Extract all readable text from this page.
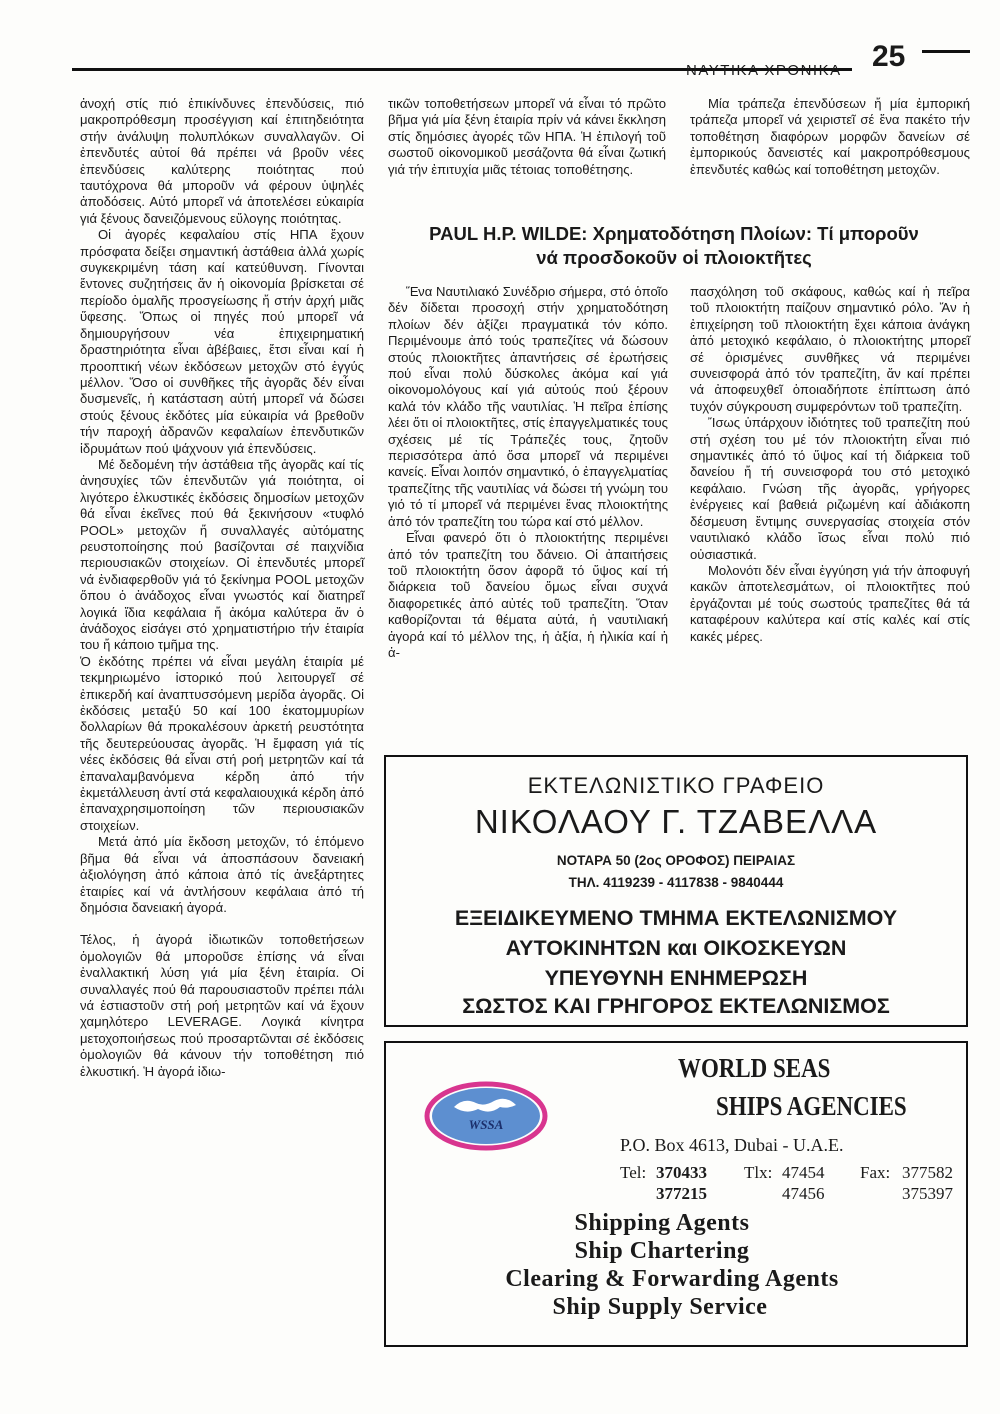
ΝΑΥΤΙΚΑ ΧΡΟΝΙΚΑ 25

ἀνοχή στίς πιό ἐπικίνδυνες ἐπενδύσεις, πιό μακροπρόθεσμη προσέγγιση καί ἐπιτηδειότητα στήν ἀνάλυψη πολυπλόκων συναλλαγῶν. Οἱ ἐπενδυτές αὐτοί θά πρέπει νά βροῦν νέες ἐπενδύσεις καλύτερης ποιότητας πού ταυτόχρονα θά μποροῦν νά φέρουν ὑψηλές ἀποδόσεις. Αὐτό μπορεῖ νά ἀποτελέσει εὐκαιρία γιά ξένους δανειζόμενους εὔλογης ποιότητας.

Οἱ ἀγορές κεφαλαίου στίς ΗΠΑ ἔχουν πρόσφατα δείξει σημαντική ἀστάθεια ἀλλά χωρίς συγκεκριμένη τάση καί κατεύθυνση. Γίνονται ἔντονες συζητήσεις ἄν ἡ οἰκονομία βρίσκεται σέ περίοδο ὁμαλῆς προσγείωσης ἤ στήν ἀρχή μιᾶς ὕφεσης. Ὅπως οἱ πηγές πού μπορεῖ νά δημιουργήσουν νέα ἐπιχειρηματική δραστηριότητα εἶναι ἀβέβαιες, ἔτσι εἶναι καί ἡ προοπτική νέων ἐκδόσεων μετοχῶν στό ἐγγύς μέλλον. Ὅσο οἱ συνθῆκες τῆς ἀγορᾶς δέν εἶναι δυσμενεῖς, ἡ κατάσταση αὐτή μπορεῖ νά δώσει στούς ξένους ἐκδότες μία εὐκαιρία νά βρεθοῦν τήν παροχή ἀδρανῶν κεφαλαίων ἐπενδυτικῶν ἱδρυμάτων πού ψάχνουν γιά ἐπενδύσεις.

Μέ δεδομένη τήν ἀστάθεια τῆς ἀγορᾶς καί τίς ἀνησυχίες τῶν ἐπενδυτῶν γιά ποιότητα, οἱ λιγότερο ἑλκυστικές ἐκδόσεις δημοσίων μετοχῶν θά εἶναι ἐκεῖνες πού θά ξεκινήσουν «τυφλό POOL» μετοχῶν ἤ συναλλαγές αὐτόματης ρευστοποίησης πού βασίζονται σέ παιχνίδια περιουσιακῶν στοιχείων. Οἱ ἐπενδυτές μπορεῖ νά ἐνδιαφερθοῦν γιά τό ξεκίνημα POOL μετοχῶν ὅπου ὁ ἀνάδοχος εἶναι γνωστός καί διατηρεῖ λογικά ἴδια κεφάλαια ἤ ἀκόμα καλύτερα ἄν ὁ ἀνάδοχος εἰσάγει στό χρηματιστήριο τήν ἑταιρία του ἤ κάποιο τμῆμα της.

Ὁ ἐκδότης πρέπει νά εἶναι μεγάλη ἑταιρία μέ τεκμηριωμένο ἱστορικό πού λειτουργεῖ σέ ἐπικερδή καί ἀναπτυσσόμενη μερίδα ἀγορᾶς. Οἱ ἐκδόσεις μεταξύ 50 καί 100 ἑκατομμυρίων δολλαρίων θά προκαλέσουν ἀρκετή ρευστότητα τῆς δευτερεύουσας ἀγορᾶς. Ἡ ἔμφαση γιά τίς νέες ἐκδόσεις θά εἶναι στή ροή μετρητῶν καί τά ἐπαναλαμβανόμενα κέρδη ἀπό τήν ἐκμετάλλευση ἀντί στά κεφαλαιουχικά κέρδη ἀπό ἐπαναχρησιμοποίηση τῶν περιουσιακῶν στοιχείων.

Μετά ἀπό μία ἔκδοση μετοχῶν, τό ἑπόμενο βῆμα θά εἶναι νά ἀποσπάσουν δανειακή ἀξιολόγηση ἀπό κάποια ἀπό τίς ἀνεξάρτητες ἑταιρίες καί νά ἀντλήσουν κεφάλαια ἀπό τή δημόσια δανειακή ἀγορά.

Τέλος, ἡ ἀγορά ἰδιωτικῶν τοποθετήσεων ὁμολογιῶν θά μποροῦσε ἐπίσης νά εἶναι ἐναλλακτική λύση γιά μία ξένη ἑταιρία. Οἱ συναλλαγές πού θά παρουσιαστοῦν πρέπει πάλι νά ἑστιαστοῦν στή ροή μετρητῶν καί νά ἔχουν χαμηλότερο LEVERAGE. Λογικά κίνητρα μετοχοποιήσεως πού προσαρτῶνται σέ ἐκδόσεις ὁμολογιῶν θά κάνουν τήν τοποθέτηση πιό ἑλκυστική. Ἡ ἀγορά ἰδιω-

τικῶν τοποθετήσεων μπορεῖ νά εἶναι τό πρῶτο βῆμα γιά μία ξένη ἑταιρία πρίν νά κάνει ἔκκληση στίς δημόσιες ἀγορές τῶν ΗΠΑ. Ἡ ἐπιλογή τοῦ σωστοῦ οἰκονομικοῦ μεσάζοντα θά εἶναι ζωτική γιά τήν ἐπιτυχία μιᾶς τέτοιας τοποθέτησης.

Μία τράπεζα ἐπενδύσεων ἤ μία ἐμπορική τράπεζα μπορεῖ νά χειριστεῖ σέ ἕνα πακέτο τήν τοποθέτηση διαφόρων μορφῶν δανείων σέ ἐμπορικούς δανειστές καί μακροπρόθεσμους ἐπενδυτές καθώς καί τοποθέτηση μετοχῶν.

PAUL H.P. WILDE: Χρηματοδότηση Πλοίων: Τί μποροῦν
νά προσδοκοῦν οἱ πλοιοκτῆτες

Ἕνα Ναυτιλιακό Συνέδριο σήμερα, στό ὁποῖο δέν δίδεται προσοχή στήν χρηματοδότηση πλοίων δέν ἀξίζει πραγματικά τόν κόπο. Περιμένουμε ἀπό τούς τραπεζίτες νά δώσουν στούς πλοιοκτῆτες ἀπαντήσεις σέ ἐρωτήσεις πού εἶναι πολύ δύσκολες ἀκόμα καί γιά οἰκονομολόγους καί γιά αὐτούς πού ξέρουν καλά τόν κλάδο τῆς ναυτιλίας. Ἡ πεῖρα ἐπίσης λέει ὅτι οἱ πλοιοκτῆτες, στίς ἐπαγγελματικές τους σχέσεις μέ τίς Τράπεζές τους, ζητοῦν περισσότερα ἀπό ὅσα μπορεῖ νά περιμένει κανείς. Εἶναι λοιπόν σημαντικό, ὁ ἐπαγγελματίας τραπεζίτης τῆς ναυτιλίας νά δώσει τή γνώμη του γιό τό τί μπορεῖ νά περιμένει ἕνας πλοιοκτήτης ἀπό τόν τραπεζίτη του τώρα καί στό μέλλον.

Εἶναι φανερό ὅτι ὁ πλοιοκτήτης περιμένει ἀπό τόν τραπεζίτη του δάνειο. Οἱ ἀπαιτήσεις τοῦ πλοιοκτήτη ὅσον ἀφορᾶ τό ὕψος καί τή διάρκεια τοῦ δανείου ὅμως εἶναι συχνά διαφορετικές ἀπό αὐτές τοῦ τραπεζίτη. Ὅταν καθορίζονται τά θέματα αὐτά, ἡ ναυτιλιακή ἀγορά καί τό μέλλον της, ἡ ἀξία, ἡ ἡλικία καί ἡ ἀ-

πασχόληση τοῦ σκάφους, καθώς καί ἡ πεῖρα τοῦ πλοιοκτήτη παίζουν σημαντικό ρόλο. Ἄν ἡ ἐπιχείρηση τοῦ πλοιοκτήτη ἔχει κάποια ἀνάγκη ἀπό μετοχικό κεφάλαιο, ὁ πλοιοκτήτης μπορεῖ σέ ὁρισμένες συνθῆκες νά περιμένει συνεισφορά ἀπό τόν τραπεζίτη, ἄν καί πρέπει νά ἀποφευχθεῖ ὁποιαδήποτε ἐπίπτωση ἀπό τυχόν σύγκρουση συμφερόντων τοῦ τραπεζίτη.

Ἴσως ὑπάρχουν ἰδιότητες τοῦ τραπεζίτη πού στή σχέση του μέ τόν πλοιοκτήτη εἶναι πιό σημαντικές ἀπό τό ὕψος καί τή διάρκεια τοῦ δανείου ἤ τή συνεισφορά του στό μετοχικό κεφάλαιο. Γνώση τῆς ἀγορᾶς, γρήγορες ἐνέργειες καί βαθειά ριζωμένη καί ἀδιάκοπη δέσμευση ἔντιμης συνεργασίας στοιχεία στόν ναυτιλιακό κλάδο ἴσως εἶναι πολύ πιό οὐσιαστικά.

Μολονότι δέν εἶναι ἐγγύηση γιά τήν ἀποφυγή κακῶν ἀποτελεσμάτων, οἱ πλοιοκτῆτες πού ἐργάζονται μέ τούς σωστούς τραπεζίτες θά τά καταφέρουν καλύτερα καί στίς καλές καί στίς κακές μέρες.

ΕΚΤΕΛΩΝΙΣΤΙΚΟ ΓΡΑΦΕΙΟ
ΝΙΚΟΛΑΟΥ Γ. ΤΖΑΒΕΛΛΑ
ΝΟΤΑΡΑ 50 (2ος ΟΡΟΦΟΣ) ΠΕΙΡΑΙΑΣ
ΤΗΛ. 4119239 - 4117838 - 9840444
ΕΞΕΙΔΙΚΕΥΜΕΝΟ ΤΜΗΜΑ ΕΚΤΕΛΩΝΙΣΜΟΥ
ΑΥΤΟΚΙΝΗΤΩΝ και ΟΙΚΟΣΚΕΥΩΝ
ΥΠΕΥΘΥΝΗ ΕΝΗΜΕΡΩΣΗ
ΣΩΣΤΟΣ ΚΑΙ ΓΡΗΓΟΡΟΣ ΕΚΤΕΛΩΝΙΣΜΟΣ
WSSA
WORLD SEAS
SHIPS AGENCIES
P.O. Box 4613, Dubai - U.A.E.
Tel: 370433
377215
Tlx: 47454
47456
Fax: 377582
375397
Shipping Agents
Ship Chartering
Clearing & Forwarding Agents
Ship Supply Service
